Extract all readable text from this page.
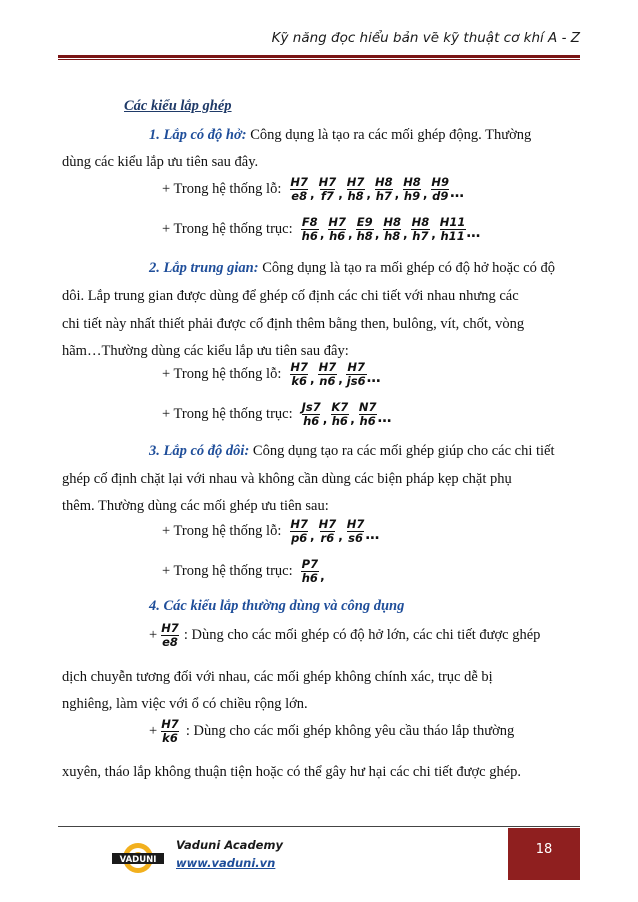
Kỹ năng đọc hiểu bản vẽ kỹ thuật cơ khí A - Z
Các kiểu lắp ghép
1. Lắp có độ hở: Công dụng là tạo ra các mối ghép động. Thường
dùng các kiểu lắp ưu tiên sau đây.
+ Trong hệ thống lỗ: $\frac{H7}{e8}$ , $\frac{H7}{f7}$ , $\frac{H7}{h8}$ , $\frac{H8}{h7}$ , $\frac{H8}{h9}$ , $\frac{H9}{d9}$ …
+ Trong hệ thống trục: $\frac{F8}{h6}$ , $\frac{H7}{h6}$ , $\frac{E9}{h8}$ , $\frac{H8}{h8}$ , $\frac{H8}{h7}$ , $\frac{H11}{h11}$ …
2. Lắp trung gian: Công dụng là tạo ra mối ghép có độ hở hoặc có độ
dôi. Lắp trung gian được dùng để ghép cố định các chi tiết với nhau nhưng các
chi tiết này nhất thiết phải được cố định thêm bằng then, bulông, vít, chốt, vòng
hãm…Thường dùng các kiểu lắp ưu tiên sau đây:
+ Trong hệ thống lỗ: $\frac{H7}{k6}$ , $\frac{H7}{n6}$ , $\frac{H7}{js6}$ …
+ Trong hệ thống trục: $\frac{Js7}{h6}$ , $\frac{K7}{h6}$ , $\frac{N7}{h6}$ …
3. Lắp có độ dôi: Công dụng tạo ra các mối ghép giúp cho các chi tiết
ghép cố định chặt lại với nhau và không cần dùng các biện pháp kẹp chặt phụ
thêm. Thường dùng các mối ghép ưu tiên sau:
+ Trong hệ thống lỗ: $\frac{H7}{p6}$ , $\frac{H7}{r6}$ , $\frac{H7}{s6}$ …
+ Trong hệ thống trục: $\frac{P7}{h6}$ ,
4. Các kiểu lắp thường dùng và công dụng
+ $\frac{H7}{e8}$ : Dùng cho các mối ghép có độ hở lớn, các chi tiết được ghép
dịch chuyễn tương đối với nhau, các mối ghép không chính xác, trục dễ bị
nghiêng, làm việc với ổ có chiều rộng lớn.
+ $\frac{H7}{k6}$ : Dùng cho các mối ghép không yêu cầu tháo lắp thường
xuyên, tháo lắp không thuận tiện hoặc có thể gây hư hại các chi tiết được ghép.
VADUNI
Vaduni Academy
www.vaduni.vn
18
